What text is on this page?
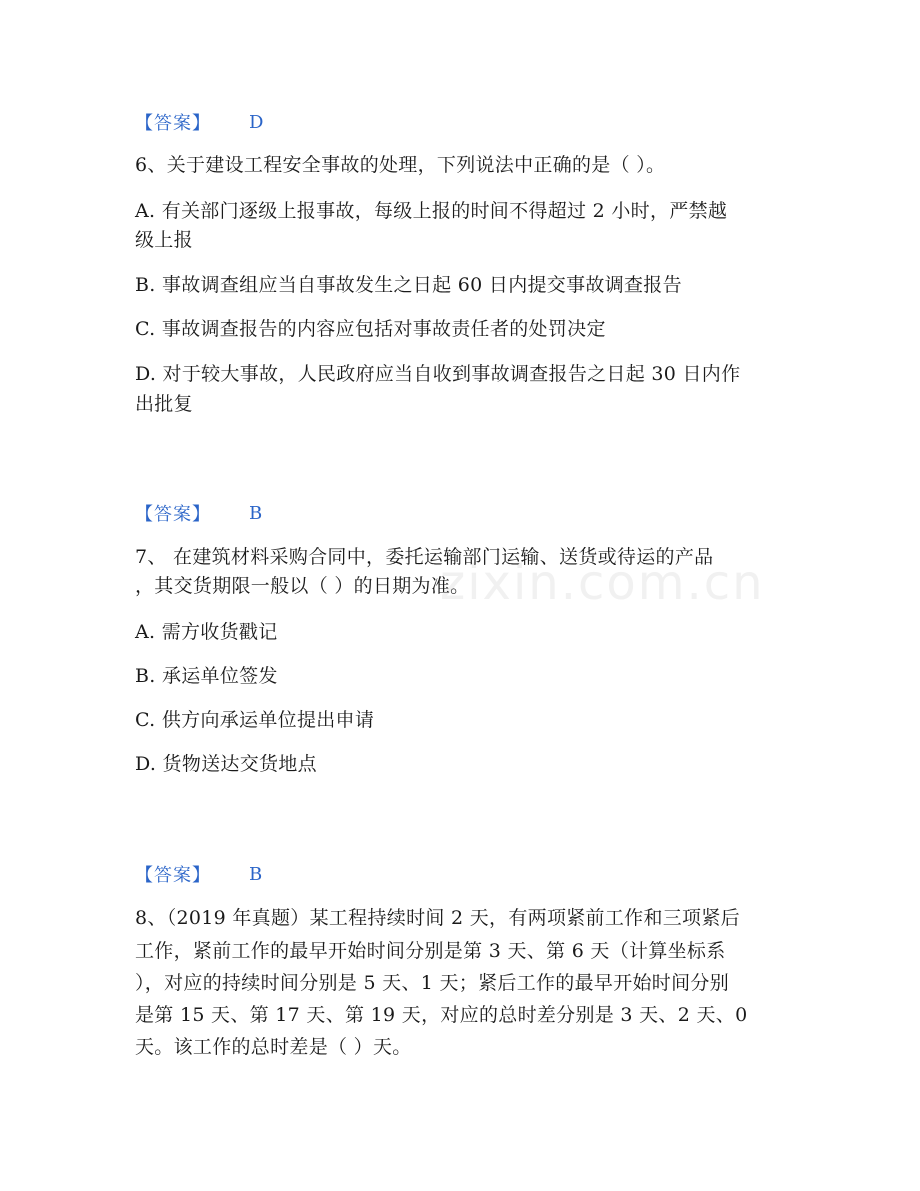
zixin.com.cn
【答案】 D
6、关于建设工程安全事故的处理，下列说法中正确的是（ ）。
A. 有关部门逐级上报事故，每级上报的时间不得超过 2 小时，严禁越
级上报
B. 事故调查组应当自事故发生之日起 60 日内提交事故调查报告
C. 事故调查报告的内容应包括对事故责任者的处罚决定
D. 对于较大事故，人民政府应当自收到事故调查报告之日起 30 日内作
出批复
【答案】 B
7、 在建筑材料采购合同中，委托运输部门运输、送货或待运的产品
，其交货期限一般以（ ）的日期为准。
A. 需方收货戳记
B. 承运单位签发
C. 供方向承运单位提出申请
D. 货物送达交货地点
【答案】 B
8、（2019 年真题）某工程持续时间 2 天，有两项紧前工作和三项紧后
工作，紧前工作的最早开始时间分别是第 3 天、第 6 天（计算坐标系
），对应的持续时间分别是 5 天、1 天；紧后工作的最早开始时间分别
是第 15 天、第 17 天、第 19 天，对应的总时差分别是 3 天、2 天、0
天。该工作的总时差是（ ）天。
